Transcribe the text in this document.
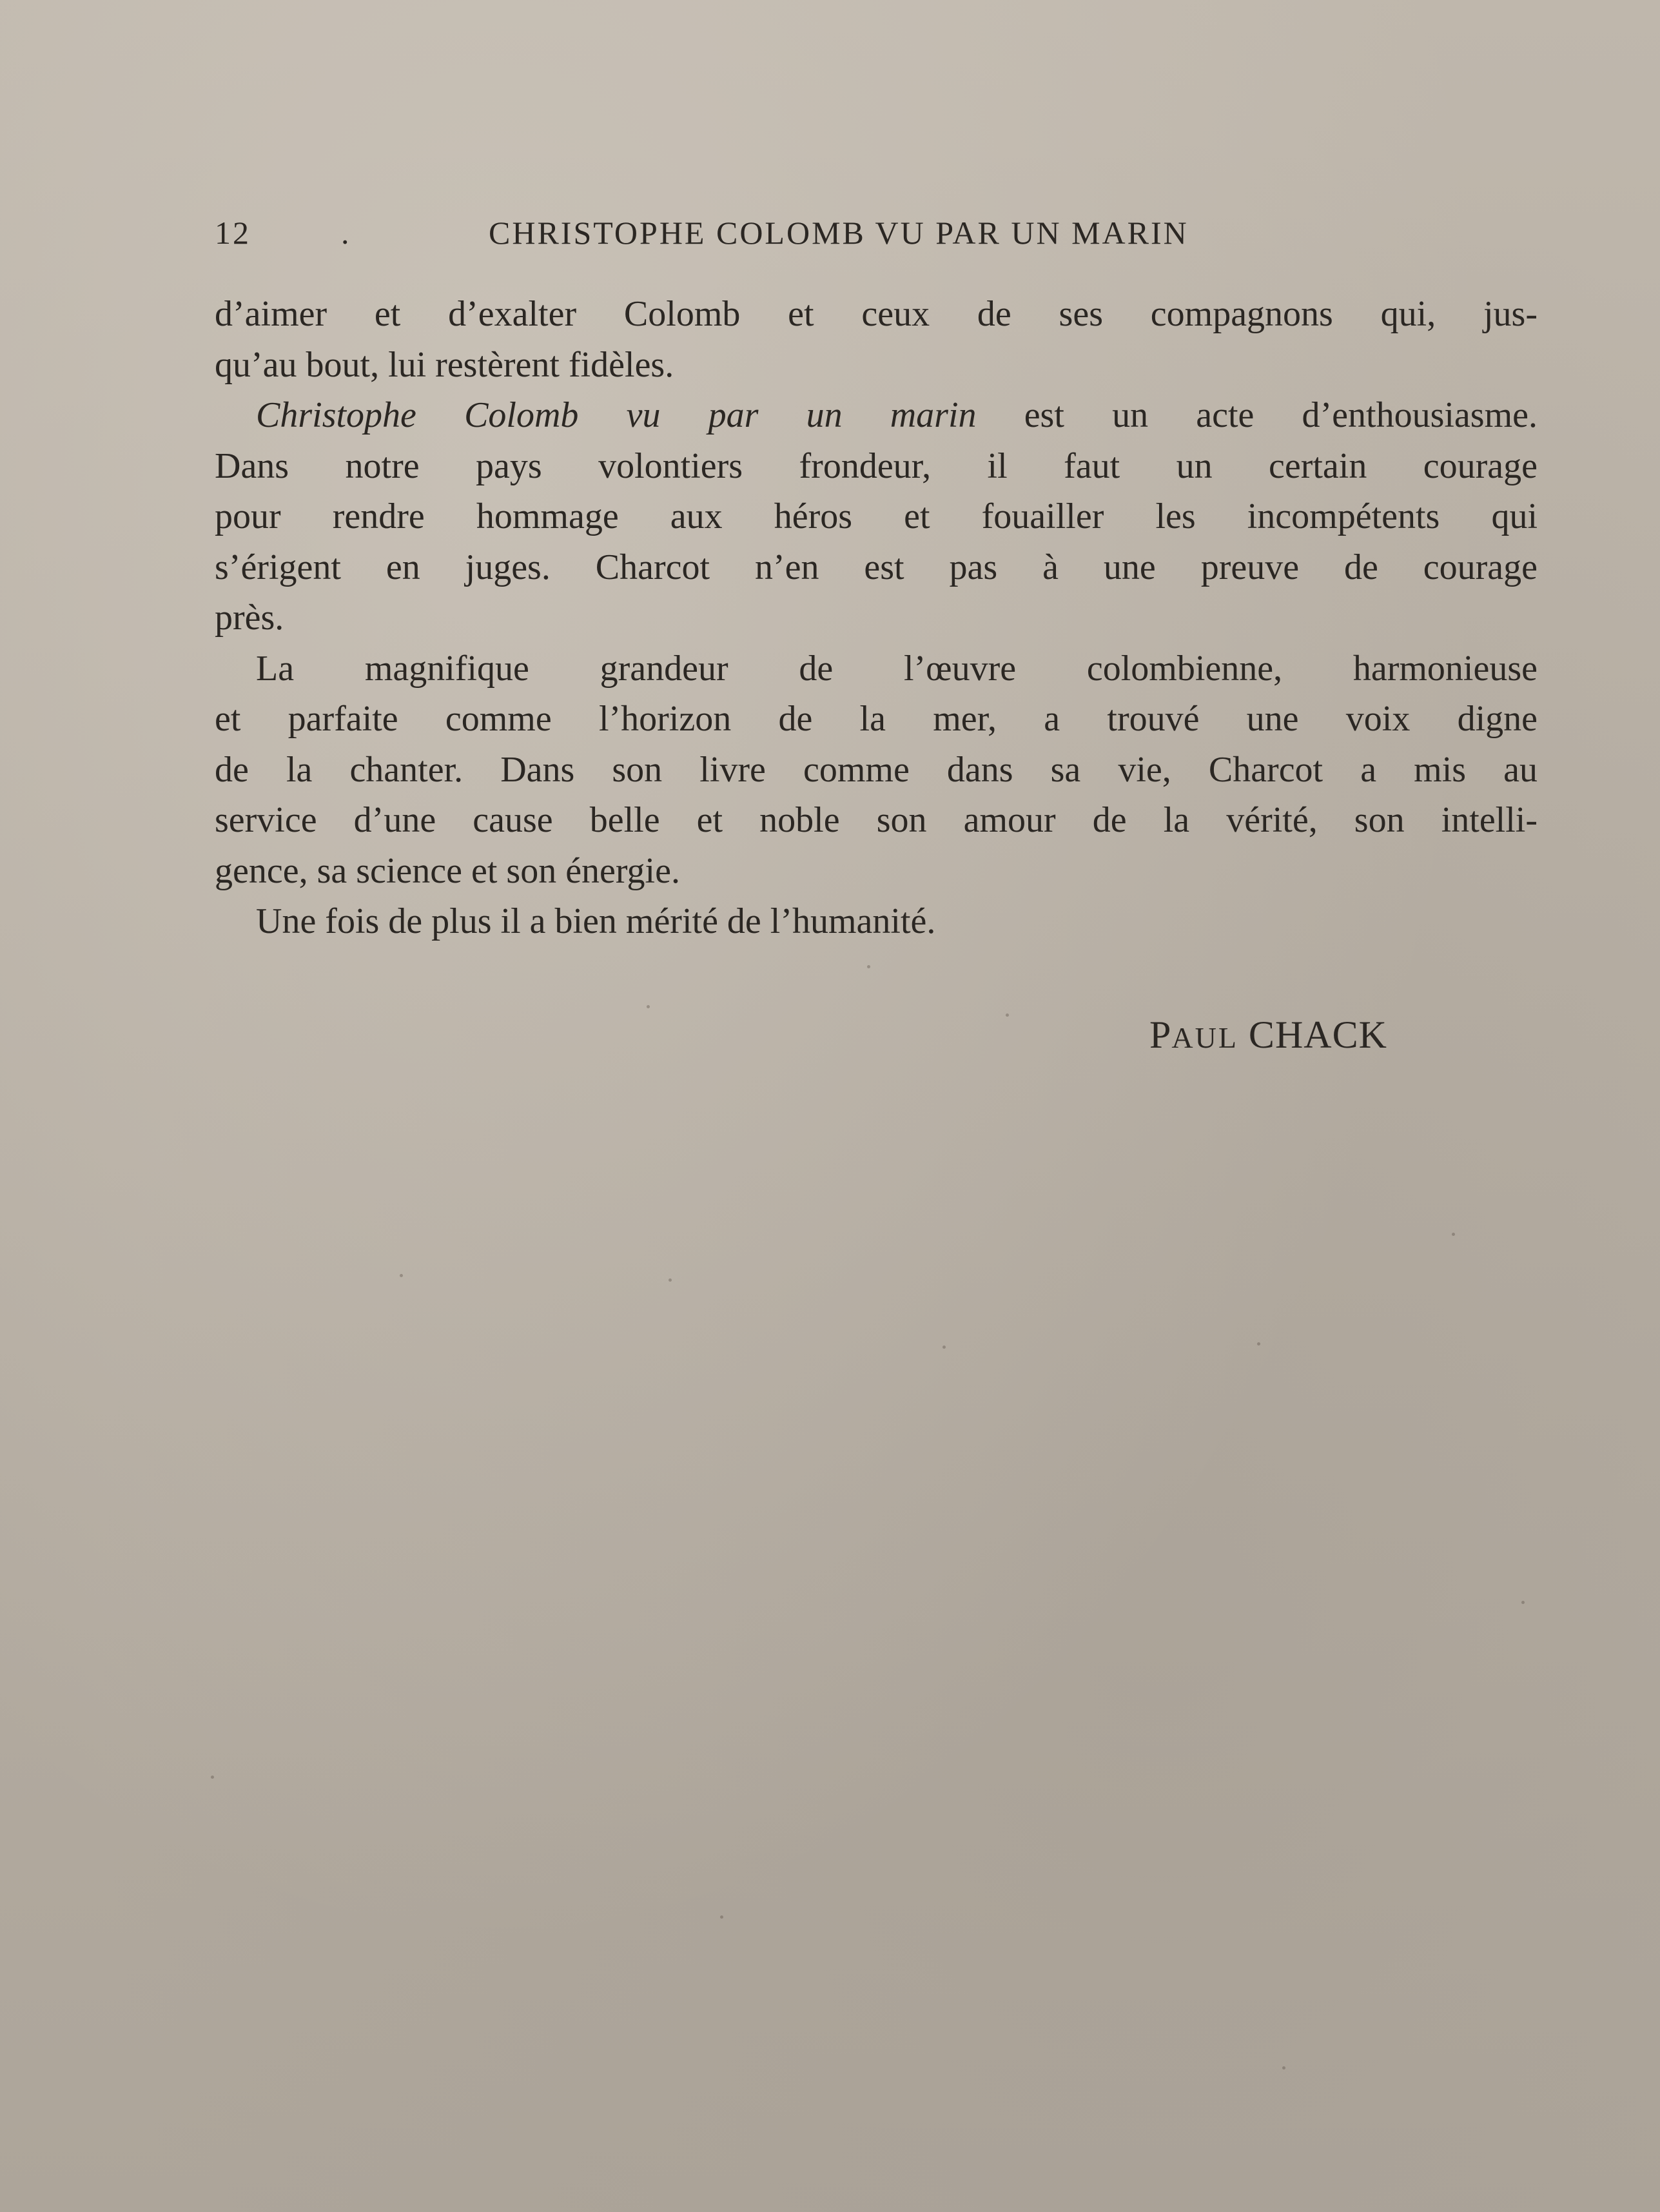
12	.	CHRISTOPHE COLOMB VU PAR UN MARIN
d’aimer et d’exalter Colomb et ceux de ses compagnons qui, jus-
qu’au bout, lui restèrent fidèles.
Christophe Colomb vu par un marin est un acte d’enthousiasme.
Dans notre pays volontiers frondeur, il faut un certain courage
pour rendre hommage aux héros et fouailler les incompétents qui
s’érigent en juges. Charcot n’en est pas à une preuve de courage
près.
La magnifique grandeur de l’œuvre colombienne, harmonieuse
et parfaite comme l’horizon de la mer, a trouvé une voix digne
de la chanter. Dans son livre comme dans sa vie, Charcot a mis au
service d’une cause belle et noble son amour de la vérité, son intelli-
gence, sa science et son énergie.
Une fois de plus il a bien mérité de l’humanité.
PAUL CHACK
